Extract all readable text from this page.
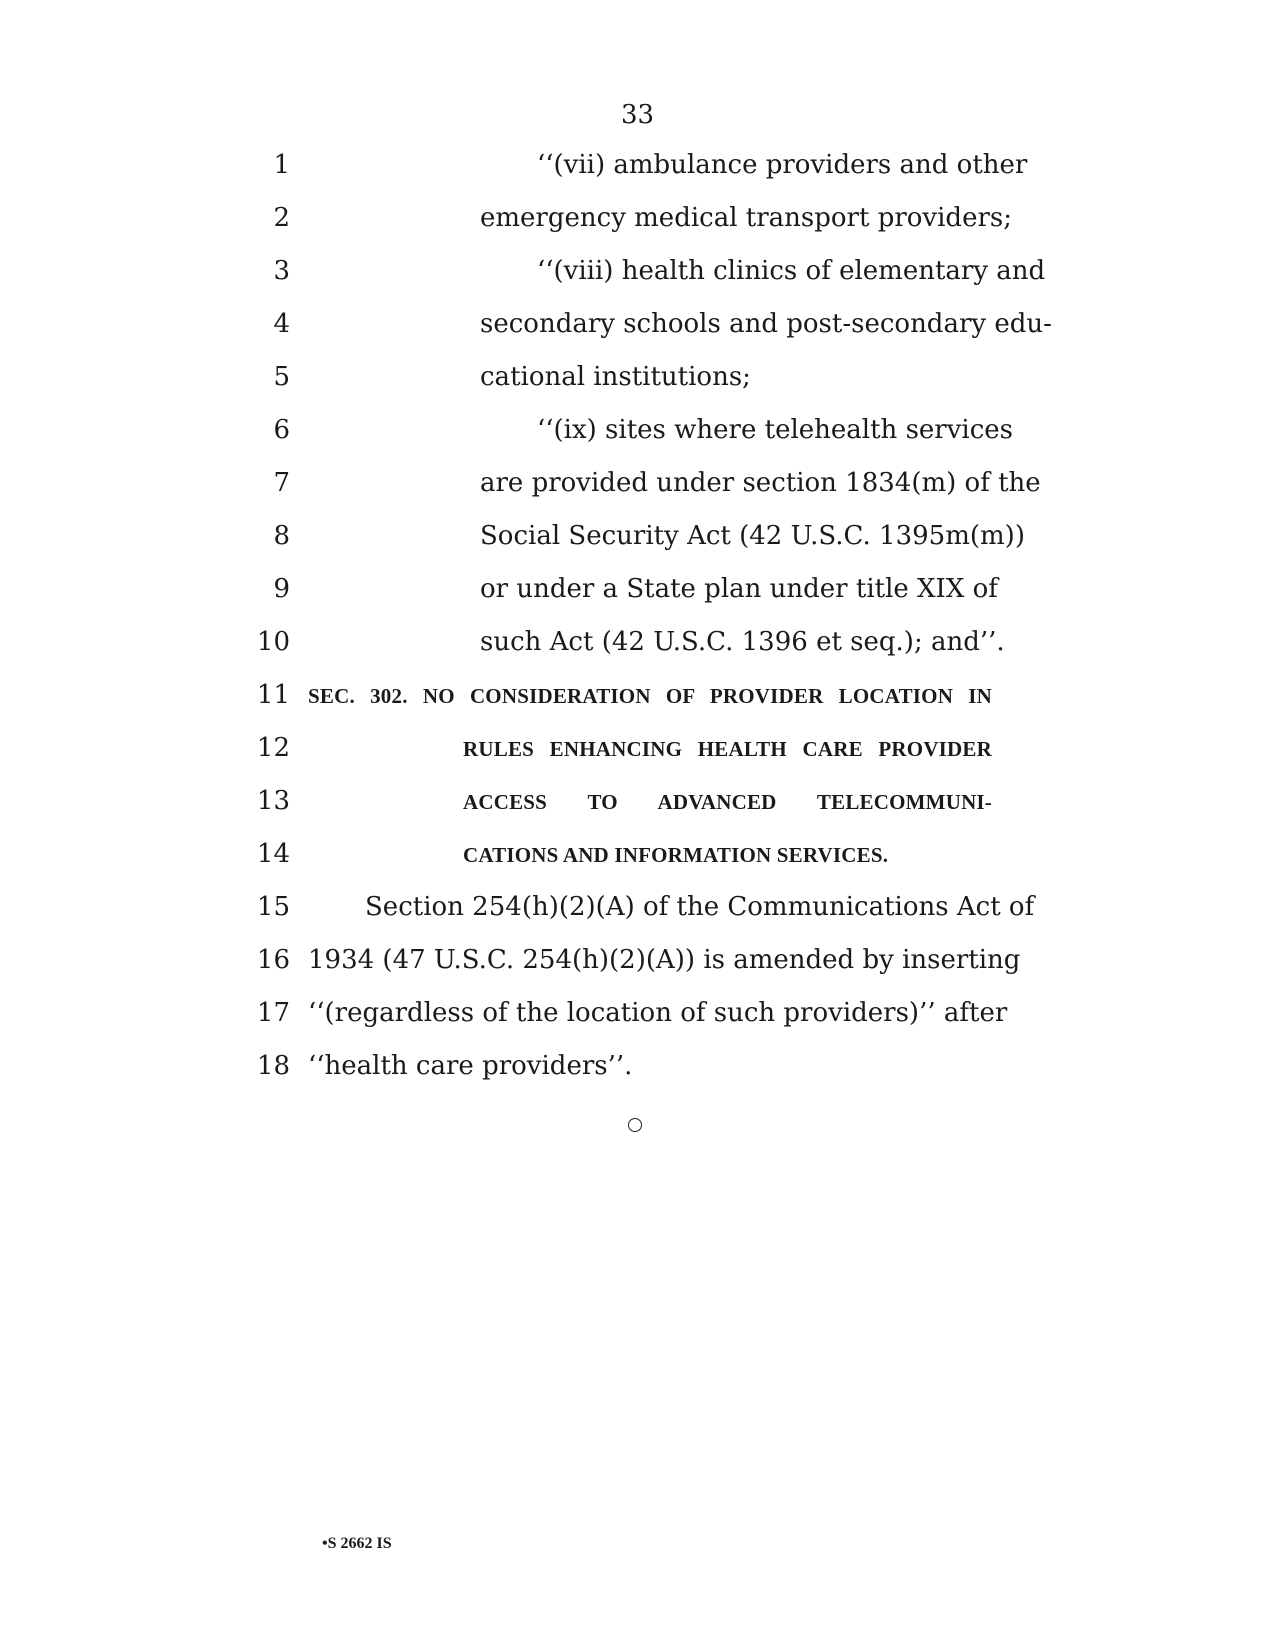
33
1
2
3
4
5
6
7
8
9
10
11
12
13
14
15
16
17
18
‘‘(vii) ambulance providers and other
emergency medical transport providers;
‘‘(viii) health clinics of elementary and
secondary schools and post-secondary edu-
cational institutions;
‘‘(ix) sites where telehealth services
are provided under section 1834(m) of the
Social Security Act (42 U.S.C. 1395m(m))
or under a State plan under title XIX of
such Act (42 U.S.C. 1396 et seq.); and’’.
SEC. 302. NO CONSIDERATION OF PROVIDER LOCATION IN
RULES ENHANCING HEALTH CARE PROVIDER
ACCESS TO ADVANCED TELECOMMUNI-
CATIONS AND INFORMATION SERVICES.
Section 254(h)(2)(A) of the Communications Act of
1934 (47 U.S.C. 254(h)(2)(A)) is amended by inserting
‘‘(regardless of the location of such providers)’’ after
‘‘health care providers’’.
•S 2662 IS
